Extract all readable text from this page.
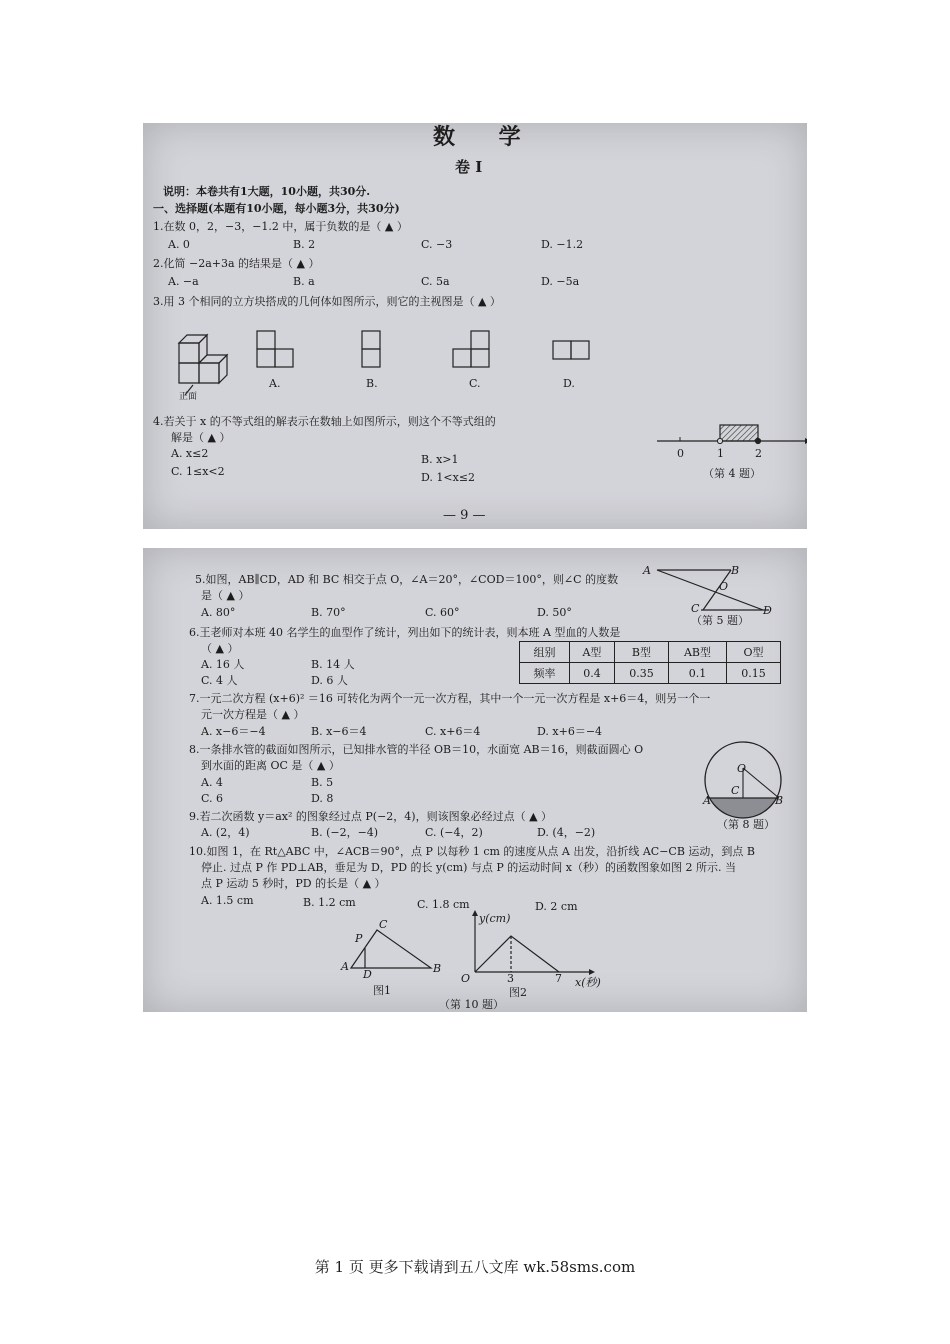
数 学
卷 Ⅰ
说明：本卷共有1大题，10小题，共30分.
一、选择题(本题有10小题，每小题3分，共30分)
1.在数 0，2，−3，−1.2 中，属于负数的是（ ▲ ）
A. 0	B. 2	C. −3	D. −1.2
2.化简 −2a+3a 的结果是（ ▲ ）
A. −a	B. a	C. 5a	D. −5a
3.用 3 个相同的立方块搭成的几何体如图所示，则它的主视图是（ ▲ ）
正面
A.	B.	C.	D.
4.若关于 x 的不等式组的解表示在数轴上如图所示，则这个不等式组的
解是（ ▲ ）
A. x≤2	B. x>1
C. 1≤x<2	D. 1<x≤2
0	1	2
（第 4 题）
— 9 —
5.如图，AB∥CD，AD 和 BC 相交于点 O，∠A＝20°，∠COD＝100°，则∠C 的度数
是（ ▲ ）
A. 80°	B. 70°	C. 60°	D. 50°
A	B
O
C	D
（第 5 题）
6.王老师对本班 40 名学生的血型作了统计，列出如下的统计表，则本班 A 型血的人数是
（ ▲ ）
A. 16 人	B. 14 人
C. 4 人	D. 6 人
组别	A型	B型	AB型	O型
频率	0.4	0.35	0.1	0.15
7.一元二次方程 (x+6)² ＝16 可转化为两个一元一次方程，其中一个一元一次方程是 x+6＝4，则另一个一
元一次方程是（ ▲ ）
A. x−6＝−4	B. x−6＝4	C. x+6＝4	D. x+6＝−4
8.一条排水管的截面如图所示，已知排水管的半径 OB＝10，水面宽 AB＝16，则截面圆心 O
到水面的距离 OC 是（ ▲ ）
A. 4	B. 5
C. 6	D. 8
O
C
A	B
（第 8 题）
9.若二次函数 y＝ax² 的图象经过点 P(−2，4)，则该图象必经过点（ ▲ ）
A. (2，4)	B. (−2，−4)	C. (−4，2)	D. (4，−2)
10.如图 1，在 Rt△ABC 中，∠ACB＝90°，点 P 以每秒 1 cm 的速度从点 A 出发，沿折线 AC−CB 运动，到点 B
停止. 过点 P 作 PD⊥AB，垂足为 D，PD 的长 y(cm) 与点 P 的运动时间 x（秒）的函数图象如图 2 所示. 当
点 P 运动 5 秒时，PD 的长是（ ▲ ）
A. 1.5 cm	B. 1.2 cm	C. 1.8 cm	D. 2 cm
C
P
A
D	B
图1
y(cm)
x(秒)
O	3	7
图2
（第 10 题）
第 1 页 更多下载请到五八文库 wk.58sms.com
